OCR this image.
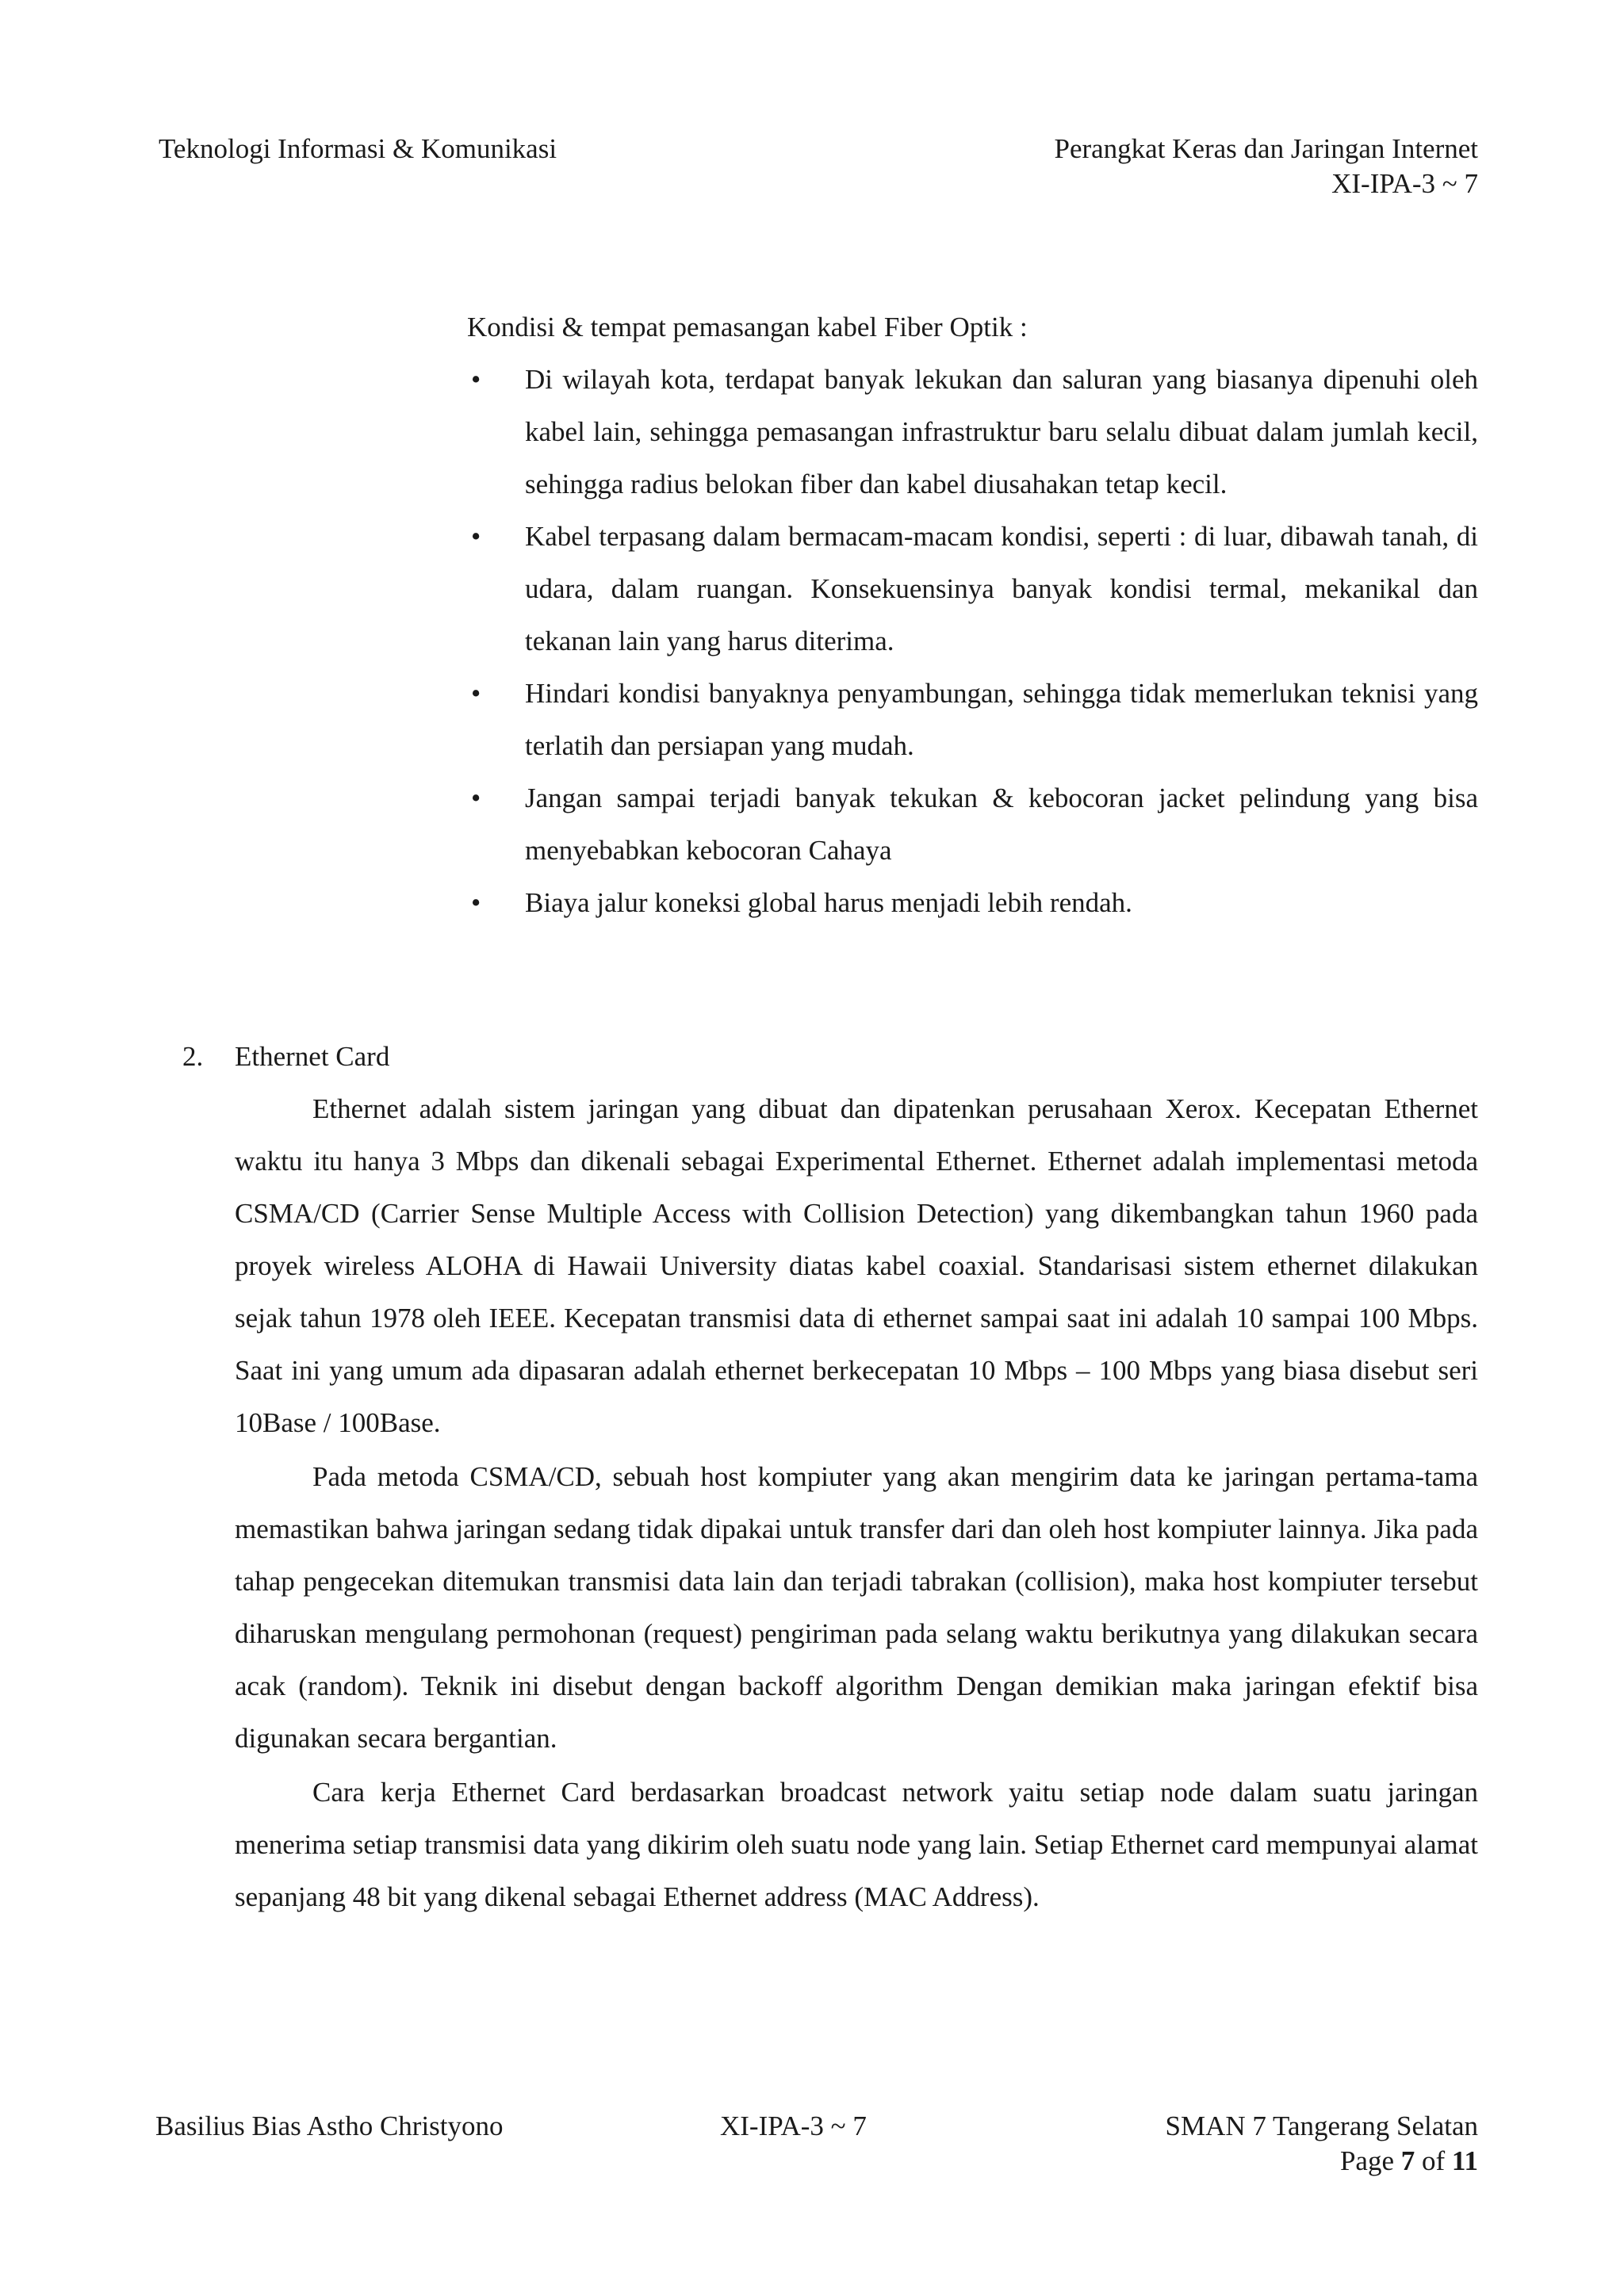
Teknologi Informasi & Komunikasi	Perangkat Keras dan Jaringan Internet
XI-IPA-3 ~ 7
Kondisi & tempat pemasangan kabel Fiber Optik :
• Di wilayah kota, terdapat banyak lekukan dan saluran yang biasanya dipenuhi oleh kabel lain, sehingga pemasangan infrastruktur baru selalu dibuat dalam jumlah kecil, sehingga radius belokan fiber dan kabel diusahakan tetap kecil.
• Kabel terpasang dalam bermacam-macam kondisi, seperti : di luar, dibawah tanah, di udara, dalam ruangan. Konsekuensinya banyak kondisi termal, mekanikal dan tekanan lain yang harus diterima.
• Hindari kondisi banyaknya penyambungan, sehingga tidak memerlukan teknisi yang terlatih dan persiapan yang mudah.
• Jangan sampai terjadi banyak tekukan & kebocoran jacket pelindung yang bisa menyebabkan kebocoran Cahaya
• Biaya jalur koneksi global harus menjadi lebih rendah.
2. Ethernet Card

Ethernet adalah sistem jaringan yang dibuat dan dipatenkan perusahaan Xerox. Kecepatan Ethernet waktu itu hanya 3 Mbps dan dikenali sebagai Experimental Ethernet. Ethernet adalah implementasi metoda CSMA/CD (Carrier Sense Multiple Access with Collision Detection) yang dikembangkan tahun 1960 pada proyek wireless ALOHA di Hawaii University diatas kabel coaxial. Standarisasi sistem ethernet dilakukan sejak tahun 1978 oleh IEEE. Kecepatan transmisi data di ethernet sampai saat ini adalah 10 sampai 100 Mbps. Saat ini yang umum ada dipasaran adalah ethernet berkecepatan 10 Mbps – 100 Mbps yang biasa disebut seri 10Base / 100Base.

Pada metoda CSMA/CD, sebuah host kompiuter yang akan mengirim data ke jaringan pertama-tama memastikan bahwa jaringan sedang tidak dipakai untuk transfer dari dan oleh host kompiuter lainnya. Jika pada tahap pengecekan ditemukan transmisi data lain dan terjadi tabrakan (collision), maka host kompiuter tersebut diharuskan mengulang permohonan (request) pengiriman pada selang waktu berikutnya yang dilakukan secara acak (random). Teknik ini disebut dengan backoff algorithm Dengan demikian maka jaringan efektif bisa digunakan secara bergantian.

Cara kerja Ethernet Card berdasarkan broadcast network yaitu setiap node dalam suatu jaringan menerima setiap transmisi data yang dikirim oleh suatu node yang lain. Setiap Ethernet card mempunyai alamat sepanjang 48 bit yang dikenal sebagai Ethernet address (MAC Address).

Basilius Bias Astho Christyono	XI-IPA-3 ~ 7	SMAN 7 Tangerang Selatan
Page 7 of 11
